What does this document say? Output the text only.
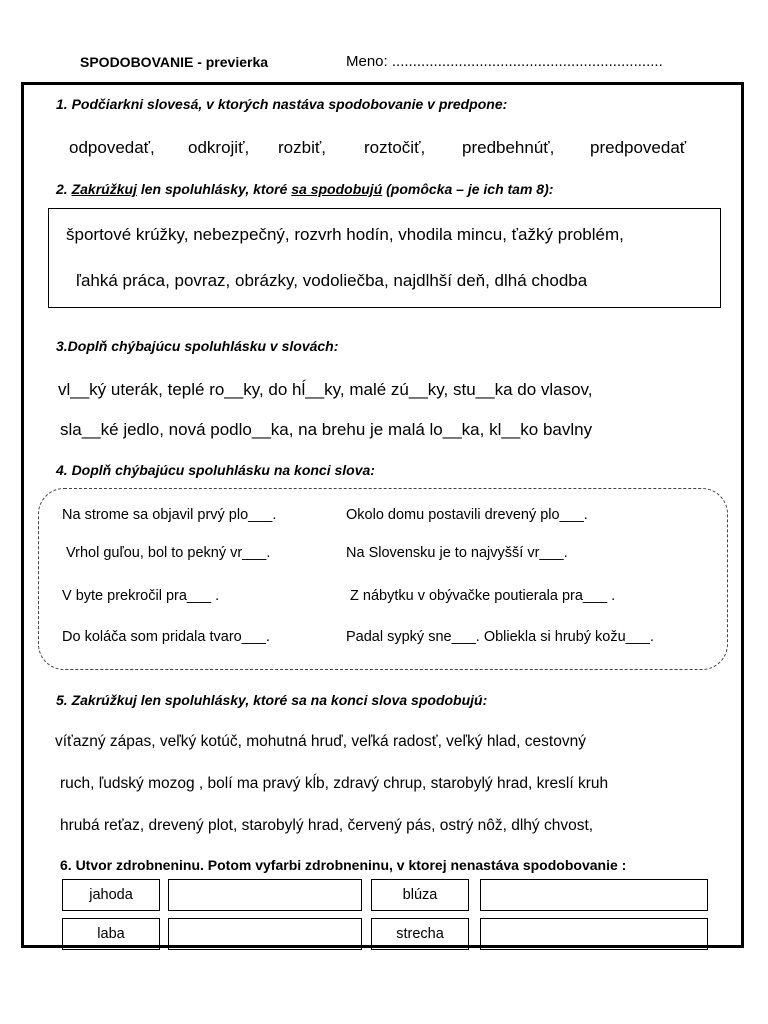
SPODOBOVANIE - previerka	Meno: .................................................................
1. Podčiarkni slovesá, v ktorých nastáva spodobovanie v predpone:
odpovedať, odkrojiť, rozbiť, roztočiť, predbehnúť, predpovedať
2. Zakrúžkuj len spoluhlásky, ktoré sa spodobujú (pomôcka – je ich tam 8):
športové krúžky, nebezpečný, rozvrh hodín, vhodila mincu, ťažký problém,
ľahká práca, povraz, obrázky, vodoliečba, najdlhší deň, dlhá chodba
3.Doplň chýbajúcu spoluhlásku v slovách:
vl__ký uterák, teplé ro__ky, do hĺ__ky, malé zú__ky, stu__ka do vlasov,
sla__ké jedlo, nová podlo__ka, na brehu je malá lo__ka, kl__ko bavlny
4. Doplň chýbajúcu spoluhlásku na konci slova:
Na strome sa objavil prvý plo___.
Vrhol guľou, bol to pekný vr___.
V byte prekročil pra___ .
Do koláča som pridala tvaro___.
Okolo domu postavili drevený plo___.
Na Slovensku je to najvyšší vr___.
Z nábytku v obývačke poutierala pra___ .
Padal sypký sne___. Obliekla si hrubý kožu___.
5. Zakrúžkuj len spoluhlásky, ktoré sa na konci slova spodobujú:
víťazný zápas, veľký kotúč, mohutná hruď, veľká radosť, veľký hlad, cestovný
ruch, ľudský mozog , bolí ma pravý kĺb, zdravý chrup, starobylý hrad, kreslí kruh
hrubá reťaz, drevený plot, starobylý hrad, červený pás, ostrý nôž, dlhý chvost,
6. Utvor zdrobneninu. Potom vyfarbi zdrobneninu, v ktorej nenastáva spodobovanie :
jahoda	blúza
laba	strecha
